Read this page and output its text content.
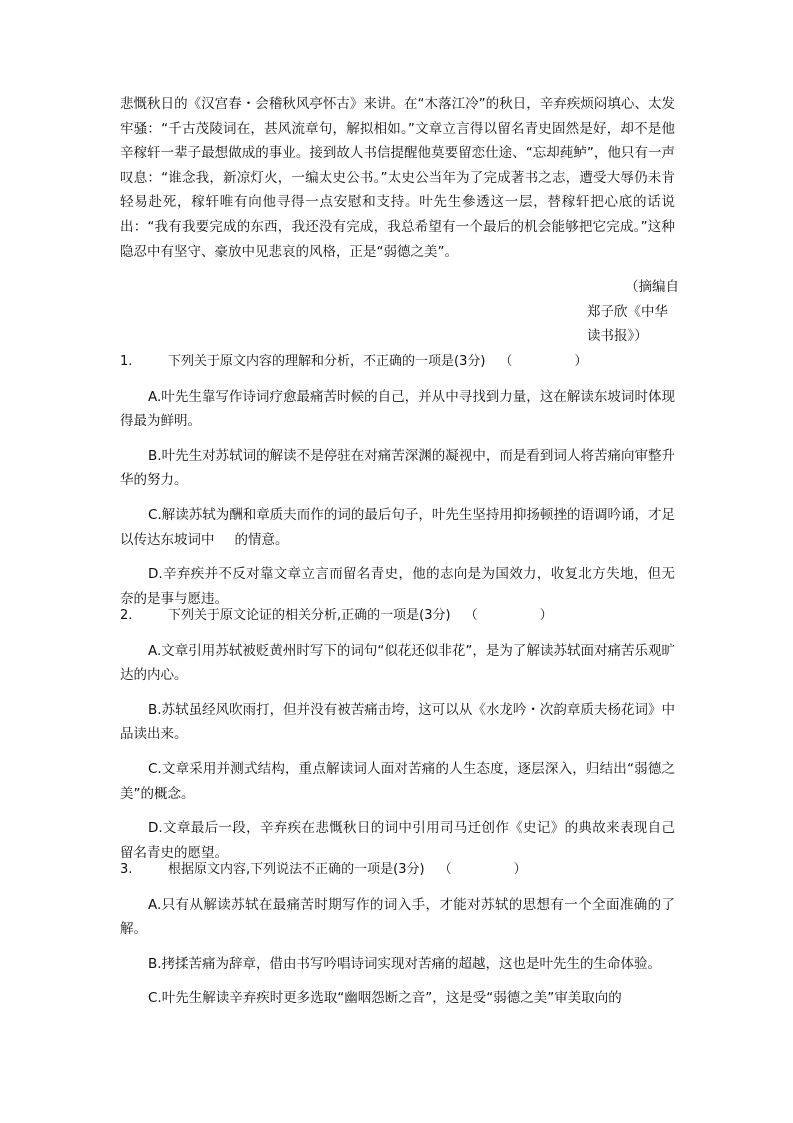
悲慨秋日的《汉宫春・会稽秋风亭怀古》来讲。在“木落江冷”的秋日，辛弃疾烦闷填心、太发牢骚：“千古茂陵词在，甚风流章句，解拟相如。”文章立言得以留名青史固然是好，却不是他辛稼轩一辈子最想做成的事业。接到故人书信提醒他莫要留恋仕途、“忘却莼鲈”，他只有一声叹息：“谁念我，新凉灯火，一编太史公书。”太史公当年为了完成著书之志，遭受大辱仍未肯轻易赴死，稼轩唯有向他寻得一点安慰和支持。叶先生參透这一层，替稼轩把心底的话说出：“我有我要完成的东西，我还没有完成，我总希望有一个最后的机会能够把它完成。”这种隐忍中有坚守、豪放中见悲哀的风格，正是“弱德之美”。

（摘编自
郑子欣《中华
读书报》）
1.	下列关于原文内容的理解和分析，不正确的一项是(3分) （	）

A.叶先生靠写作诗词疗愈最痛苦时候的自己，并从中寻找到力量，这在解读东坡词时体现得最为鲜明。

B.叶先生对苏轼词的解读不是停驻在对痛苦深渊的凝视中，而是看到词人将苦痛向审整升华的努力。

C.解读苏轼为酬和章质夫而作的词的最后句子，叶先生坚持用抑扬顿挫的语调吟诵，才足以传达东坡词中 的情意。

D.辛弃疾并不反对靠文章立言而留名青史，他的志向是为国效力，收复北方失地，但无奈的是事与愿违。

2.	下列关于原文论证的相关分析,正确的一项是(3分) （	）

A.文章引用苏轼被贬黄州时写下的词句“似花还似非花”，是为了解读苏轼面对痛苦乐观旷达的内心。

B.苏轼虽经风吹雨打，但并没有被苦痛击垮，这可以从《水龙吟・次韵章质夫杨花词》中品读出来。

C.文章采用并测式结构，重点解读词人面对苦痛的人生态度，逐层深入，归结出“弱德之美”的概念。

D.文章最后一段，辛弃疾在悲慨秋日的词中引用司马迁创作《史记》的典故来表现自己留名青史的愿望。

3.	根据原文内容,下列说法不正确的一项是(3分) （	）

A.只有从解读苏轼在最痛苦时期写作的词入手，才能对苏轼的思想有一个全面准确的了解。

B.拷揉苦痛为辞章，借由书写吟唱诗词实现对苦痛的超越，这也是叶先生的生命体验。

C.叶先生解读辛弃疾时更多选取“幽咽怨断之音”，这是受“弱德之美”审美取向的
